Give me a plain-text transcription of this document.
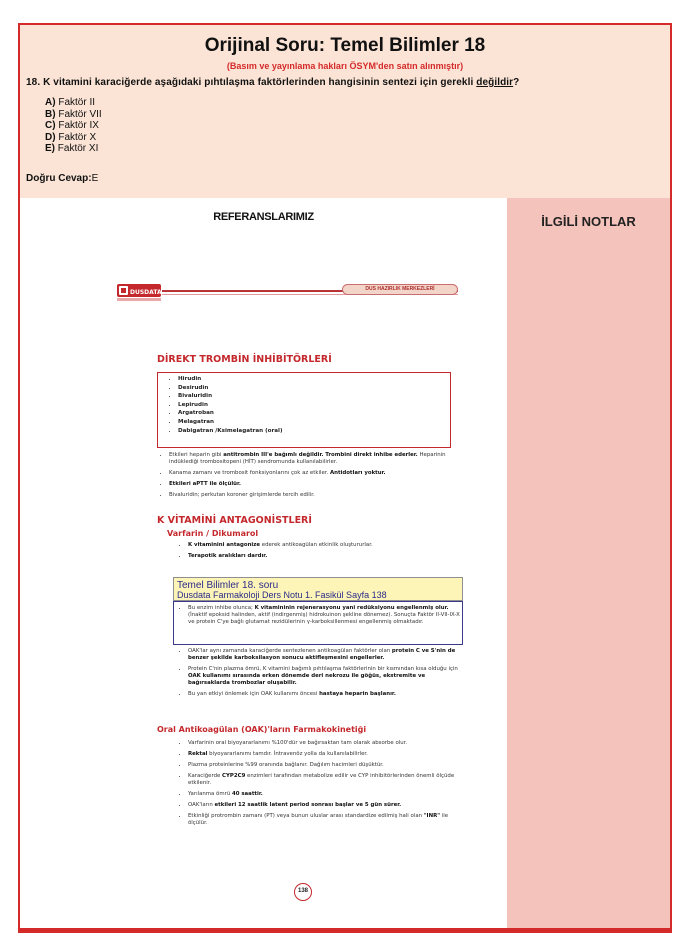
Orijinal Soru: Temel Bilimler 18
(Basım ve yayınlama hakları ÖSYM'den satın alınmıştır)
18. K vitamini karaciğerde aşağıdaki pıhtılaşma faktörlerinden hangisinin sentezi için gerekli değildir?
A) Faktör II
B) Faktör VII
C) Faktör IX
D) Faktör X
E) Faktör XI
Doğru Cevap:E
REFERANSLARIMIZ
DUSDATA	DUS HAZIRLIK MERKEZLERİ
DİREKT TROMBİN İNHİBİTÖRLERİ
• Hirudin
• Desirudin
• Bivaluridin
• Lepirudin
• Argatroban
• Melagatran
• Dabigatran /Ksimelagatran (oral)
• Etkileri heparin gibi antitrombin III'e bağımlı değildir. Trombini direkt inhibe ederler. Heparinin indüklediği trombositopeni (HİT) sendromunda kullanılabilirler.
• Kanama zamanı ve trombosit fonksiyonlarını çok az etkiler. Antidotları yoktur.
• Etkileri aPTT ile ölçülür.
• Bivaluridin; perkutan koroner girişimlerde tercih edilir.
K VİTAMİNİ ANTAGONİSTLERİ
Varfarin / Dikumarol
• K vitaminini antagonize ederek antikoagülan etkinlik oluştururlar.
• Terapotik aralıkları dardır.
Temel Bilimler 18. soru
Dusdata Farmakoloji Ders Notu 1. Fasikül Sayfa 138
• Bu enzim inhibe olunca; K vitamininin rejenerasyonu yani redüksiyonu engellenmiş olur. (İnaktif epoksid halinden, aktif (indirgenmiş) hidrokuinon şekline dönemez). Sonuçta Faktör II-VII-IX-X ve protein C'ye bağlı glutamat rezidülerinin γ-karboksillenmesi engellenmiş olmaktadır.
• OAK'lar aynı zamanda karaciğerde sentezlenen antikoagülan faktörler olan protein C ve S'nin de benzer şekilde karboksilasyon sonucu aktifleşmesini engellerler.
• Protein C'nin plazma ömrü, K vitamini bağımlı pıhtılaşma faktörlerinin bir kısmından kısa olduğu için OAK kullanımı sırasında erken dönemde deri nekrozu ile göğüs, ekstremite ve bağırsaklarda trombozlar oluşabilir.
• Bu yan etkiyi önlemek için OAK kullanımı öncesi hastaya heparin başlanır.
Oral Antikoagülan (OAK)'ların Farmakokinetiği
• Varfarinin oral biyoyararlanımı %100'dür ve bağırsaktan tam olarak absorbe olur.
• Rektal biyoyararlanımı tamdır. İntravenöz yolla da kullanılabilirler.
• Plazma proteinlerine %99 oranında bağlanır. Dağılım hacimleri düşüktür.
• Karaciğerde CYP2C9 enzimleri tarafından metabolize edilir ve CYP inhibitörlerinden önemli ölçüde etkilenir.
• Yarılanma ömrü 40 saattir.
• OAK'ların etkileri 12 saatlik latent period sonrası başlar ve 5 gün sürer.
• Etkinliği protrombin zamanı (PT) veya bunun uluslar arası standardize edilmiş hali olan "INR" ile ölçülür.
138
İLGİLİ NOTLAR
